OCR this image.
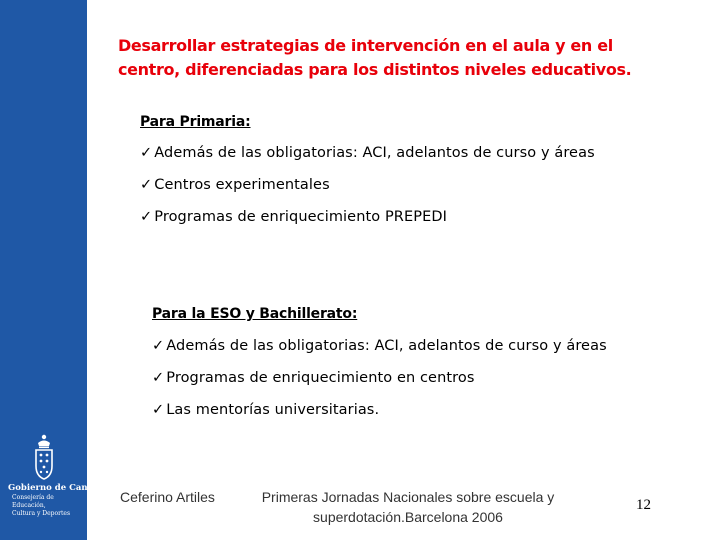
Gobierno de Canarias
Consejería de Educación,
Cultura y Deportes
Desarrollar estrategias de intervención en el aula y en el centro, diferenciadas para los distintos niveles educativos.
Para Primaria:
✓ Además de las obligatorias: ACI, adelantos de curso y áreas
✓ Centros experimentales
✓ Programas de enriquecimiento PREPEDI
Para la ESO y Bachillerato:
✓ Además de las obligatorias: ACI, adelantos de curso y áreas
✓ Programas de enriquecimiento en centros
✓ Las mentorías universitarias.
Ceferino Artiles	Primeras Jornadas Nacionales sobre escuela y
superdotación.Barcelona 2006
12
